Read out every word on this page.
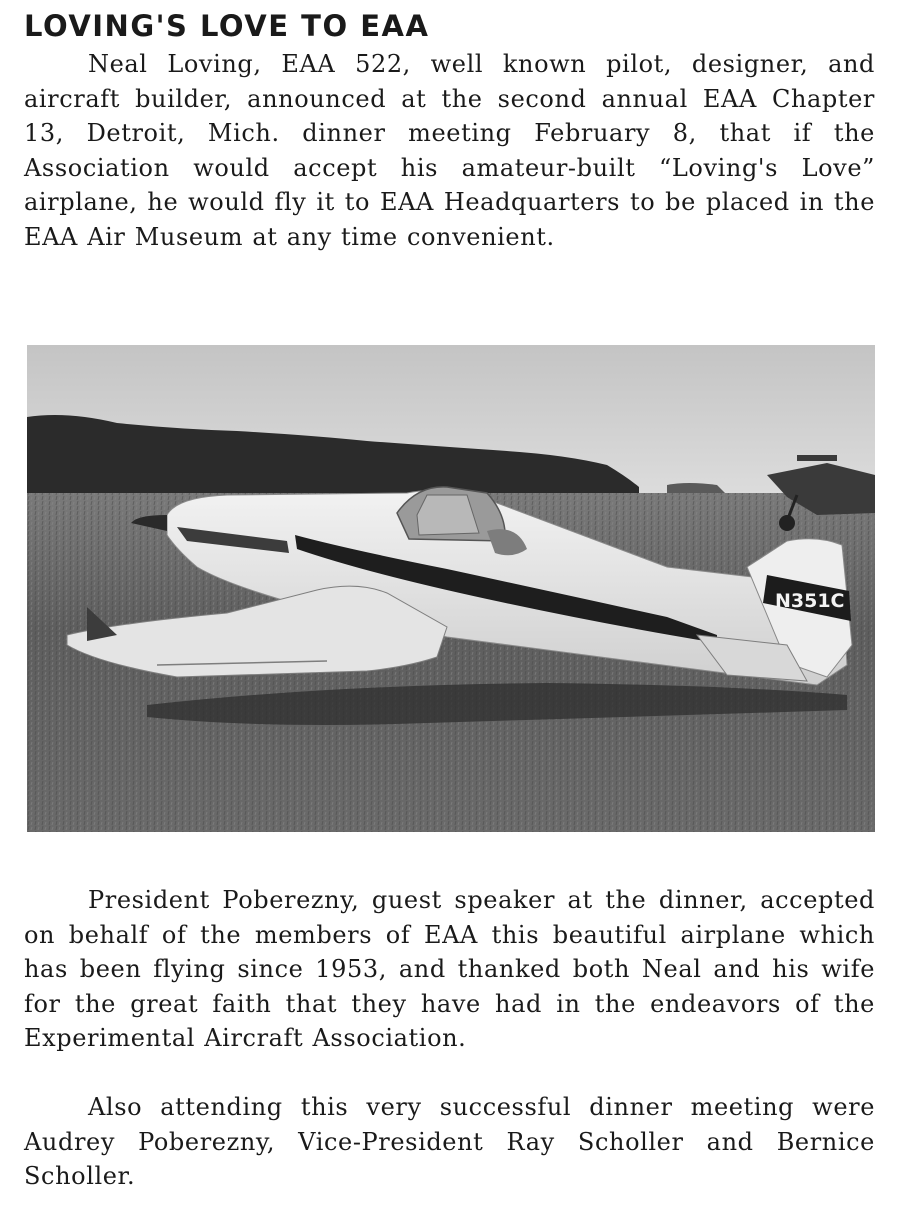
LOVING'S LOVE TO EAA

Neal Loving, EAA 522, well known pilot, designer, and aircraft builder, announced at the second annual EAA Chapter 13, Detroit, Mich. dinner meeting February 8, that if the Association would accept his amateur-built “Loving's Love” airplane, he would fly it to EAA Headquarters to be placed in the EAA Air Museum at any time convenient.

N351C

President Poberezny, guest speaker at the dinner, accepted on behalf of the members of EAA this beautiful airplane which has been flying since 1953, and thanked both Neal and his wife for the great faith that they have had in the endeavors of the Experimental Aircraft Association.

Also attending this very successful dinner meeting were Audrey Poberezny, Vice-President Ray Scholler and Bernice Scholler.
